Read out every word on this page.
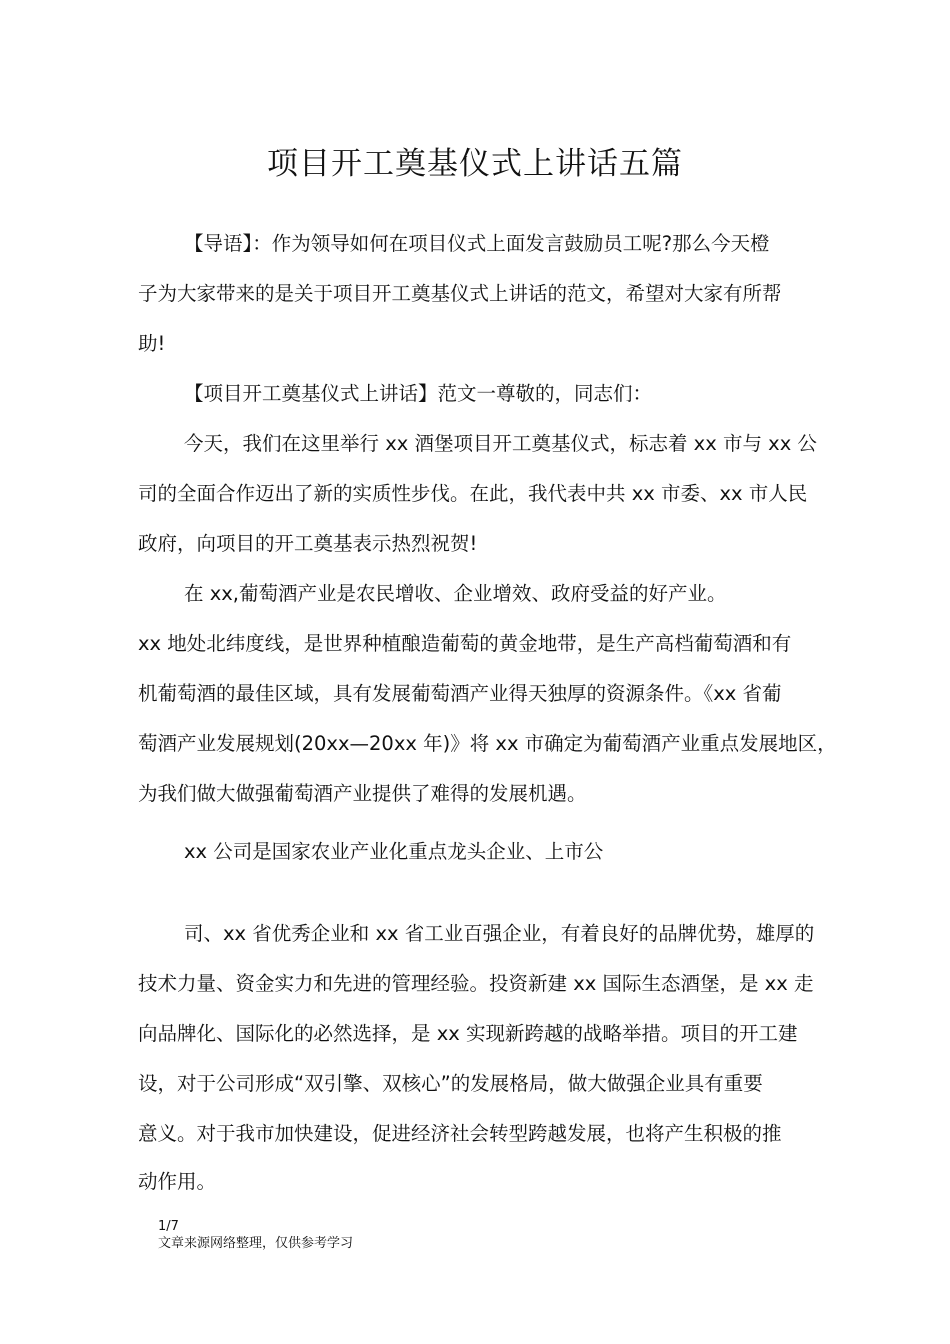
项目开工奠基仪式上讲话五篇
【导语】：作为领导如何在项目仪式上面发言鼓励员工呢?那么今天橙
子为大家带来的是关于项目开工奠基仪式上讲话的范文，希望对大家有所帮
助!
【项目开工奠基仪式上讲话】范文一尊敬的，同志们：
今天，我们在这里举行 xx 酒堡项目开工奠基仪式，标志着 xx 市与 xx 公
司的全面合作迈出了新的实质性步伐。在此，我代表中共 xx 市委、xx 市人民
政府，向项目的开工奠基表示热烈祝贺!
在 xx,葡萄酒产业是农民增收、企业增效、政府受益的好产业。
xx 地处北纬度线，是世界种植酿造葡萄的黄金地带，是生产高档葡萄酒和有
机葡萄酒的最佳区域，具有发展葡萄酒产业得天独厚的资源条件。《xx 省葡
萄酒产业发展规划(20xx—20xx 年)》将 xx 市确定为葡萄酒产业重点发展地区，
为我们做大做强葡萄酒产业提供了难得的发展机遇。
xx 公司是国家农业产业化重点龙头企业、上市公
司、xx 省优秀企业和 xx 省工业百强企业，有着良好的品牌优势，雄厚的
技术力量、资金实力和先进的管理经验。投资新建 xx 国际生态酒堡，是 xx 走
向品牌化、国际化的必然选择，是 xx 实现新跨越的战略举措。项目的开工建
设，对于公司形成“双引擎、双核心”的发展格局，做大做强企业具有重要
意义。对于我市加快建设，促进经济社会转型跨越发展，也将产生积极的推
动作用。
1/7
文章来源网络整理，仅供参考学习
